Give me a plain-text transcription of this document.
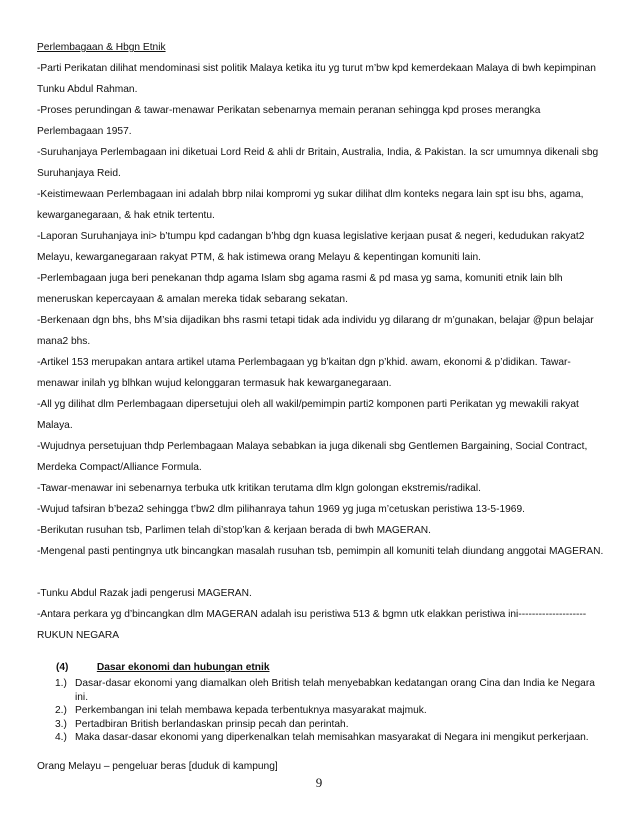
Perlembagaan & Hbgn Etnik

-Parti Perikatan dilihat mendominasi sist politik Malaya ketika itu yg turut m’bw kpd kemerdekaan Malaya di bwh kepimpinan Tunku Abdul Rahman.

-Proses perundingan & tawar-menawar Perikatan sebenarnya memain peranan sehingga kpd proses merangka Perlembagaan 1957.

-Suruhanjaya Perlembagaan ini diketuai Lord Reid & ahli dr Britain, Australia, India, & Pakistan. Ia scr umumnya dikenali sbg Suruhanjaya Reid.

-Keistimewaan Perlembagaan ini adalah bbrp nilai kompromi yg sukar dilihat dlm konteks negara lain spt isu bhs, agama, kewarganegaraan, & hak etnik tertentu.

-Laporan Suruhanjaya ini> b’tumpu kpd cadangan b’hbg dgn kuasa legislative kerjaan pusat & negeri, kedudukan rakyat2 Melayu, kewarganegaraan rakyat PTM, & hak istimewa orang Melayu & kepentingan komuniti lain.

-Perlembagaan juga beri penekanan thdp agama Islam sbg agama rasmi & pd masa yg sama, komuniti etnik lain blh meneruskan kepercayaan & amalan mereka tidak sebarang sekatan.

-Berkenaan dgn bhs, bhs M’sia dijadikan bhs rasmi tetapi tidak ada individu yg dilarang dr m’gunakan, belajar @pun belajar mana2 bhs.

-Artikel 153 merupakan antara artikel utama Perlembagaan yg b’kaitan dgn p’khid. awam, ekonomi & p’didikan. Tawar-menawar inilah yg blhkan wujud kelonggaran termasuk hak kewarganegaraan.

-All yg dilihat dlm Perlembagaan dipersetujui oleh all wakil/pemimpin parti2 komponen parti Perikatan yg mewakili rakyat Malaya.

-Wujudnya persetujuan thdp Perlembagaan Malaya sebabkan ia juga dikenali sbg Gentlemen Bargaining, Social Contract, Merdeka Compact/Alliance Formula.

-Tawar-menawar ini sebenarnya terbuka utk kritikan terutama dlm klgn golongan ekstremis/radikal.

-Wujud tafsiran b’beza2 sehingga t’bw2 dlm pilihanraya tahun 1969 yg juga m’cetuskan peristiwa 13-5-1969.

-Berikutan rusuhan tsb, Parlimen telah di’stop’kan & kerjaan berada di bwh MAGERAN.

-Mengenal pasti pentingnya utk bincangkan masalah rusuhan tsb, pemimpin all komuniti telah diundang anggotai MAGERAN.

-Tunku Abdul Razak jadi pengerusi MAGERAN.

-Antara perkara yg d’bincangkan dlm MAGERAN adalah isu peristiwa 513 & bgmn utk elakkan peristiwa ini-------------------- RUKUN NEGARA

(4)	Dasar ekonomi dan hubungan etnik
1.) Dasar-dasar ekonomi yang diamalkan oleh British telah menyebabkan kedatangan orang Cina dan India ke Negara ini.
2.) Perkembangan ini telah membawa kepada terbentuknya masyarakat majmuk.
3.) Pertadbiran British berlandaskan prinsip pecah dan perintah.
4.) Maka dasar-dasar ekonomi yang diperkenalkan telah memisahkan masyarakat di Negara ini mengikut perkerjaan.
Orang Melayu – pengeluar beras [duduk di kampung]
9
